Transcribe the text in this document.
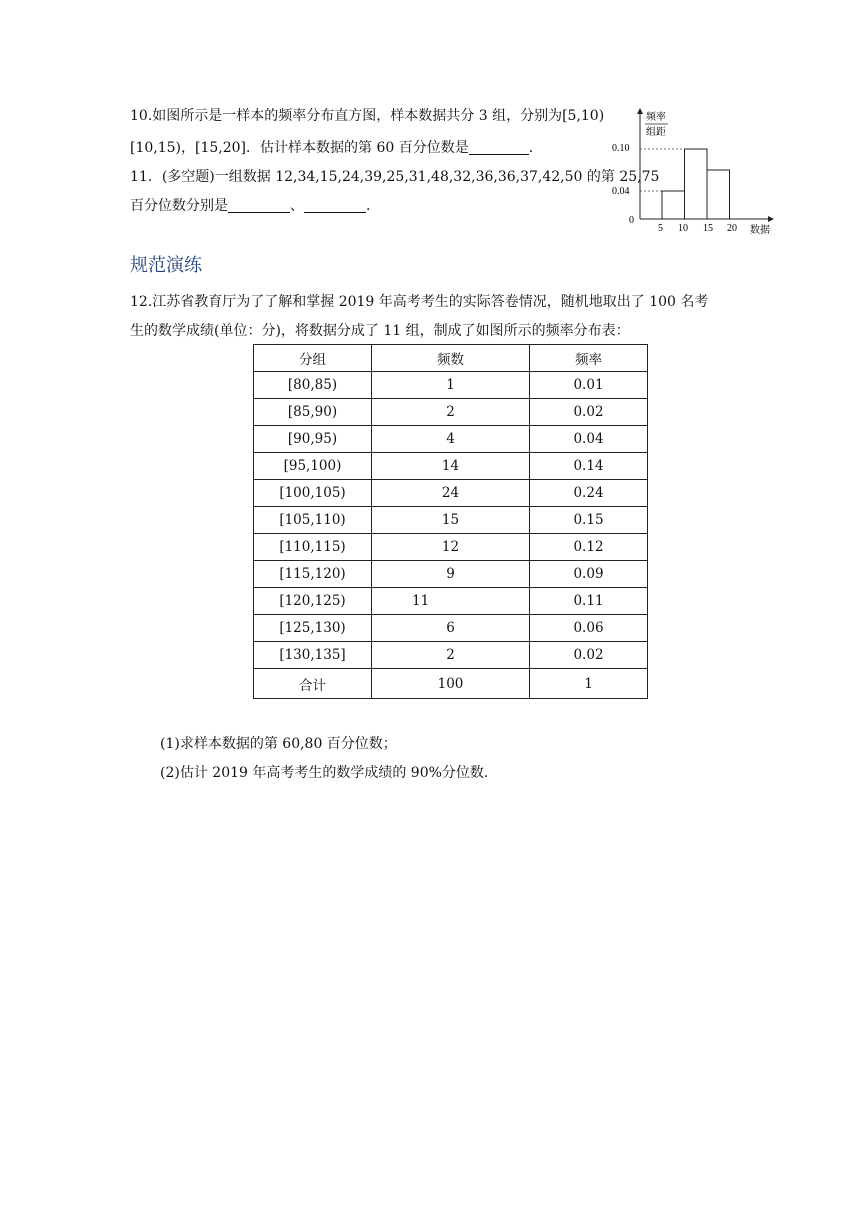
10.如图所示是一样本的频率分布直方图，样本数据共分 3 组，分别为[5,10)
[10,15)，[15,20]．估计样本数据的第 60 百分位数是	．
11．(多空题)一组数据 12,34,15,24,39,25,31,48,32,36,36,37,42,50 的第 25,75
百分位数分别是	、	.
频率
组距
0.10
0.04
0
5 10 15 20 数据
规范演练
12.江苏省教育厅为了了解和掌握 2019 年高考考生的实际答卷情况，随机地取出了 100 名考
生的数学成绩(单位：分)，将数据分成了 11 组，制成了如图所示的频率分布表：
分组	频数	频率
[80,85)	1	0.01
[85,90)	2	0.02
[90,95)	4	0.04
[95,100)	14	0.14
[100,105)	24	0.24
[105,110)	15	0.15
[110,115)	12	0.12
[115,120)	9	0.09
[120,125)	11	0.11
[125,130)	6	0.06
[130,135]	2	0.02
合计	100	1
(1)求样本数据的第 60,80 百分位数；
(2)估计 2019 年高考考生的数学成绩的 90%分位数.
